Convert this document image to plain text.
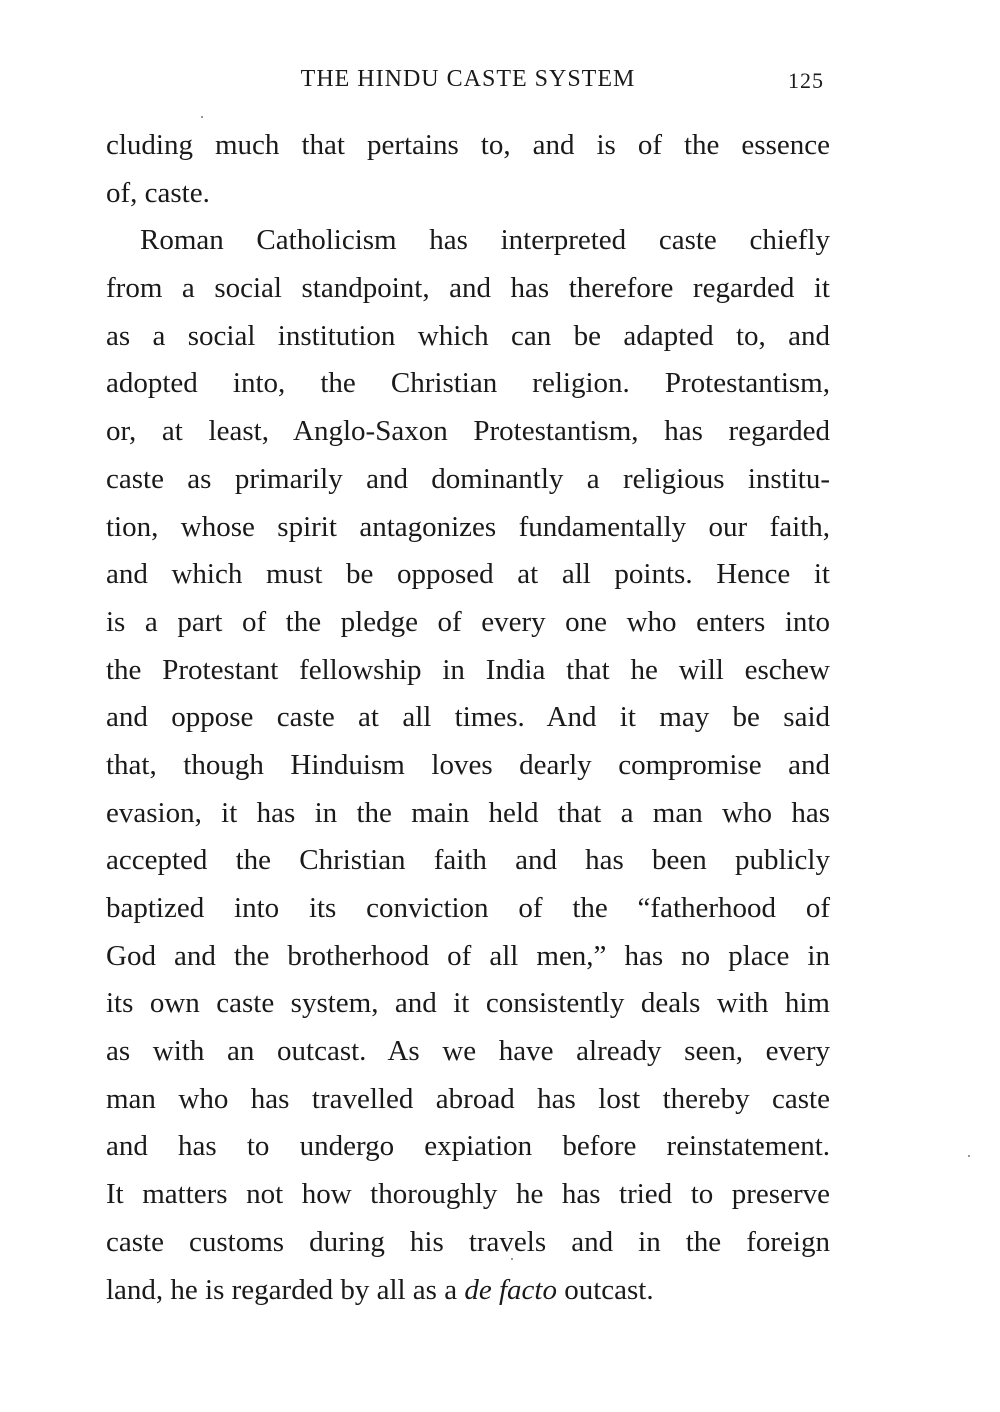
THE HINDU CASTE SYSTEM	125
cluding much that pertains to, and is of the essence
of, caste.
Roman Catholicism has interpreted caste chiefly
from a social standpoint, and has therefore regarded it
as a social institution which can be adapted to, and
adopted into, the Christian religion. Protestantism,
or, at least, Anglo-Saxon Protestantism, has regarded
caste as primarily and dominantly a religious institu-
tion, whose spirit antagonizes fundamentally our faith,
and which must be opposed at all points. Hence it
is a part of the pledge of every one who enters into
the Protestant fellowship in India that he will eschew
and oppose caste at all times. And it may be said
that, though Hinduism loves dearly compromise and
evasion, it has in the main held that a man who has
accepted the Christian faith and has been publicly
baptized into its conviction of the “fatherhood of
God and the brotherhood of all men,” has no place in
its own caste system, and it consistently deals with him
as with an outcast. As we have already seen, every
man who has travelled abroad has lost thereby caste
and has to undergo expiation before reinstatement.
It matters not how thoroughly he has tried to preserve
caste customs during his travels and in the foreign
land, he is regarded by all as a de facto outcast.
